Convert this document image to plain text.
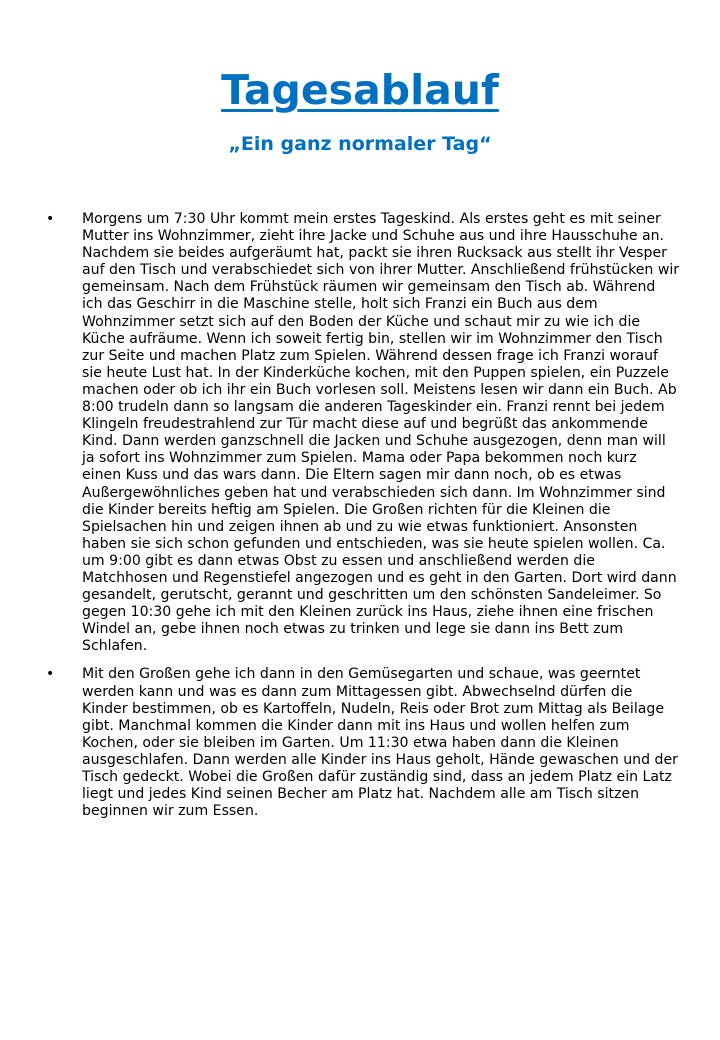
Tagesablauf
„Ein ganz normaler Tag“
• Morgens um 7:30 Uhr kommt mein erstes Tageskind. Als erstes geht es mit seiner Mutter ins Wohnzimmer, zieht ihre Jacke und Schuhe aus und ihre Hausschuhe an. Nachdem sie beides aufgeräumt hat, packt sie ihren Rucksack aus stellt ihr Vesper auf den Tisch und verabschiedet sich von ihrer Mutter. Anschließend frühstücken wir gemeinsam. Nach dem Frühstück räumen wir gemeinsam den Tisch ab. Während ich das Geschirr in die Maschine stelle, holt sich Franzi ein Buch aus dem Wohnzimmer setzt sich auf den Boden der Küche und schaut mir zu wie ich die Küche aufräume. Wenn ich soweit fertig bin, stellen wir im Wohnzimmer den Tisch zur Seite und machen Platz zum Spielen. Während dessen frage ich Franzi worauf sie heute Lust hat. In der Kinderküche kochen, mit den Puppen spielen, ein Puzzele machen oder ob ich ihr ein Buch vorlesen soll. Meistens lesen wir dann ein Buch. Ab 8:00 trudeln dann so langsam die anderen Tageskinder ein. Franzi rennt bei jedem Klingeln freudestrahlend zur Tür macht diese auf und begrüßt das ankommende Kind. Dann werden ganzschnell die Jacken und Schuhe ausgezogen, denn man will ja sofort ins Wohnzimmer zum Spielen. Mama oder Papa bekommen noch kurz einen Kuss und das wars dann. Die Eltern sagen mir dann noch, ob es etwas Außergewöhnliches geben hat und verabschieden sich dann. Im Wohnzimmer sind die Kinder bereits heftig am Spielen. Die Großen richten für die Kleinen die Spielsachen hin und zeigen ihnen ab und zu wie etwas funktioniert. Ansonsten haben sie sich schon gefunden und entschieden, was sie heute spielen wollen. Ca. um 9:00 gibt es dann etwas Obst zu essen und anschließend werden die Matchhosen und Regenstiefel angezogen und es geht in den Garten. Dort wird dann gesandelt, gerutscht, gerannt und geschritten um den schönsten Sandeleimer. So gegen 10:30 gehe ich mit den Kleinen zurück ins Haus, ziehe ihnen eine frischen Windel an, gebe ihnen noch etwas zu trinken und lege sie dann ins Bett zum Schlafen.
• Mit den Großen gehe ich dann in den Gemüsegarten und schaue, was geerntet werden kann und was es dann zum Mittagessen gibt. Abwechselnd dürfen die Kinder bestimmen, ob es Kartoffeln, Nudeln, Reis oder Brot zum Mittag als Beilage gibt. Manchmal kommen die Kinder dann mit ins Haus und wollen helfen zum Kochen, oder sie bleiben im Garten. Um 11:30 etwa haben dann die Kleinen ausgeschlafen. Dann werden alle Kinder ins Haus geholt, Hände gewaschen und der Tisch gedeckt. Wobei die Großen dafür zuständig sind, dass an jedem Platz ein Latz liegt und jedes Kind seinen Becher am Platz hat. Nachdem alle am Tisch sitzen beginnen wir zum Essen.
